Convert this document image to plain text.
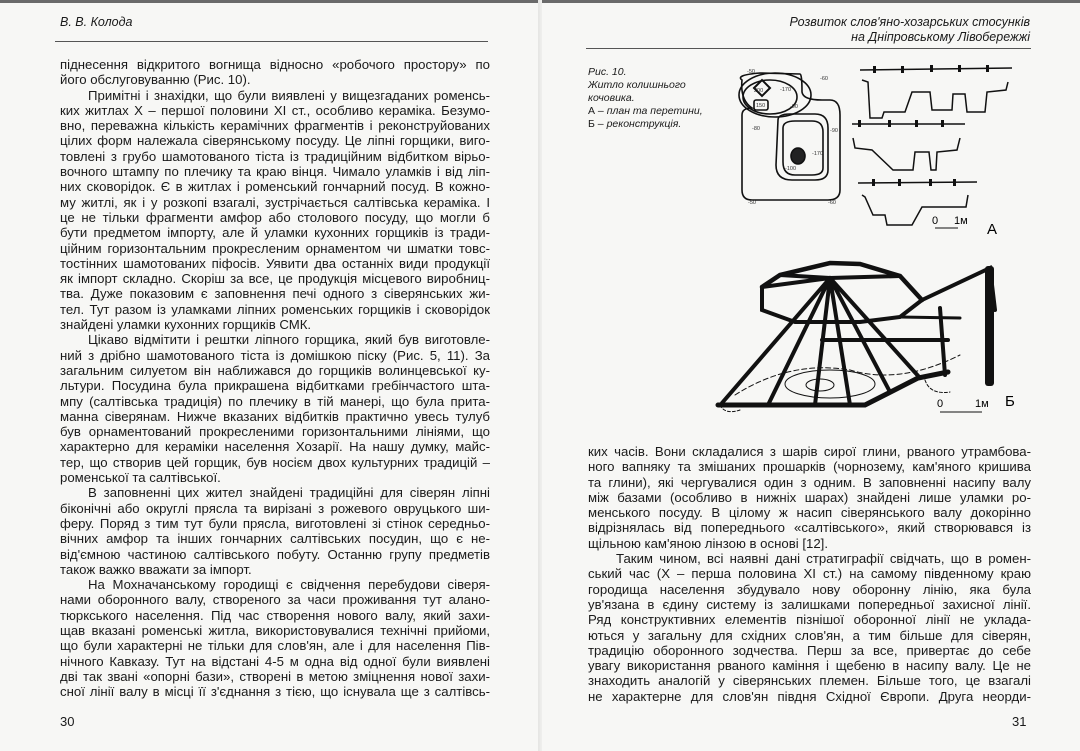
В. В. Колода
піднесення відкритого вогнища відносно «робочого простору» по
його обслуговуванню (Рис. 10).
Примітні і знахідки, що були виявлені у вищезгаданих роменсь-
ких житлах X – першої половини XI ст., особливо кераміка. Безумо-
вно, переважна кількість керамічних фрагментів і реконструйованих
цілих форм належала сіверянському посуду. Це ліпні горщики, виго-
товлені з грубо шамотованого тіста із традиційним відбитком вірьо-
вочного штампу по плечику та краю вінця. Чимало уламків і від ліп-
них сковорідок. Є в житлах і роменський гончарний посуд. В кожно-
му житлі, як і у розкопі взагалі, зустрічається салтівська кераміка. І
це не тільки фрагменти амфор або столового посуду, що могли б
бути предметом імпорту, але й уламки кухонних горщиків із тради-
ційним горизонтальним прокресленим орнаментом чи шматки товс-
тостінних шамотованих піфосів. Уявити два останніх види продукції
як імпорт складно. Скоріш за все, це продукція місцевого виробниц-
тва. Дуже показовим є заповнення печі одного з сіверянських жи-
тел. Тут разом із уламками ліпних роменських горщиків і сковорідок
знайдені уламки кухонних горщиків СМК.
Цікаво відмітити і рештки ліпного горщика, який був виготовле-
ний з дрібно шамотованого тіста із домішкою піску (Рис. 5, 11). За
загальним силуетом він наближався до горщиків волинцевської ку-
льтури. Посудина була прикрашена відбитками гребінчастого шта-
мпу (салтівська традиція) по плечику в тій манері, що була прита-
манна сіверянам. Нижче вказаних відбитків практично увесь тулуб
був орнаментований прокресленими горизонтальними лініями, що
характерно для кераміки населення Хозарії. На нашу думку, майс-
тер, що створив цей горщик, був носієм двох культурних традицій –
роменської та салтівської.
В заповненні цих жител знайдені традиційні для сіверян ліпні
біконічні або округлі прясла та вирізані з рожевого овруцького ши-
феру. Поряд з тим тут були прясла, виготовлені зі стінок середньо-
вічних амфор та інших гончарних салтівських посудин, що є не-
від'ємною частиною салтівського побуту. Останню групу предметів
також важко вважати за імпорт.
На Мохначанському городищі є свідчення перебудови сіверя-
нами оборонного валу, створеного за часи проживання тут алано-
тюркського населення. Під час створення нового валу, який захи-
щав вказані роменські житла, використовувалися технічні прийоми,
що були характерні не тільки для слов'ян, але і для населення Пів-
нічного Кавказу. Тут на відстані 4-5 м одна від одної були виявлені
дві так звані «опорні бази», створені в метою зміцнення нової захи-
сної лінії валу в місці її з'єднання з тією, що існувала ще з салтівсь-
30
Розвиток слов'яно-хозарських стосунків
на Дніпровському Лівобережжі
Рис. 10.
Житло колишнього кочовика.
А – план та перетини,
Б – реконструкція.
-50
200	-170
150
-60
-90
-80	-90
-170
-100
-50	-60
0 1м А
0	1м Б
ких часів. Вони складалися з шарів сирої глини, рваного утрамбова-
ного вапняку та змішаних прошарків (чорнозему, кам'яного кришива
та глини), які чергувалися один з одним. В заповненні насипу валу
між базами (особливо в нижніх шарах) знайдені лише уламки ро-
менського посуду. В цілому ж насип сіверянського валу докорінно
відрізнялась від попереднього «салтівського», який створювався із
щільною кам'яною лінзою в основі [12].
Таким чином, всі наявні дані стратиграфії свідчать, що в ромен-
ський час (X – перша половина XI ст.) на самому південному краю
городища населення збудувало нову оборонну лінію, яка була
ув'язана в єдину систему із залишками попередньої захисної лінії.
Ряд конструктивних елементів пізнішої оборонної лінії не уклада-
ються у загальну для східних слов'ян, а тим більше для сіверян,
традицію оборонного зодчества. Перш за все, привертає до себе
увагу використання рваного каміння і щебеню в насипу валу. Це не
знаходить аналогій у сіверянських племен. Більше того, це взагалі
не характерне для слов'ян півдня Східної Європи. Друга неорди-
31
